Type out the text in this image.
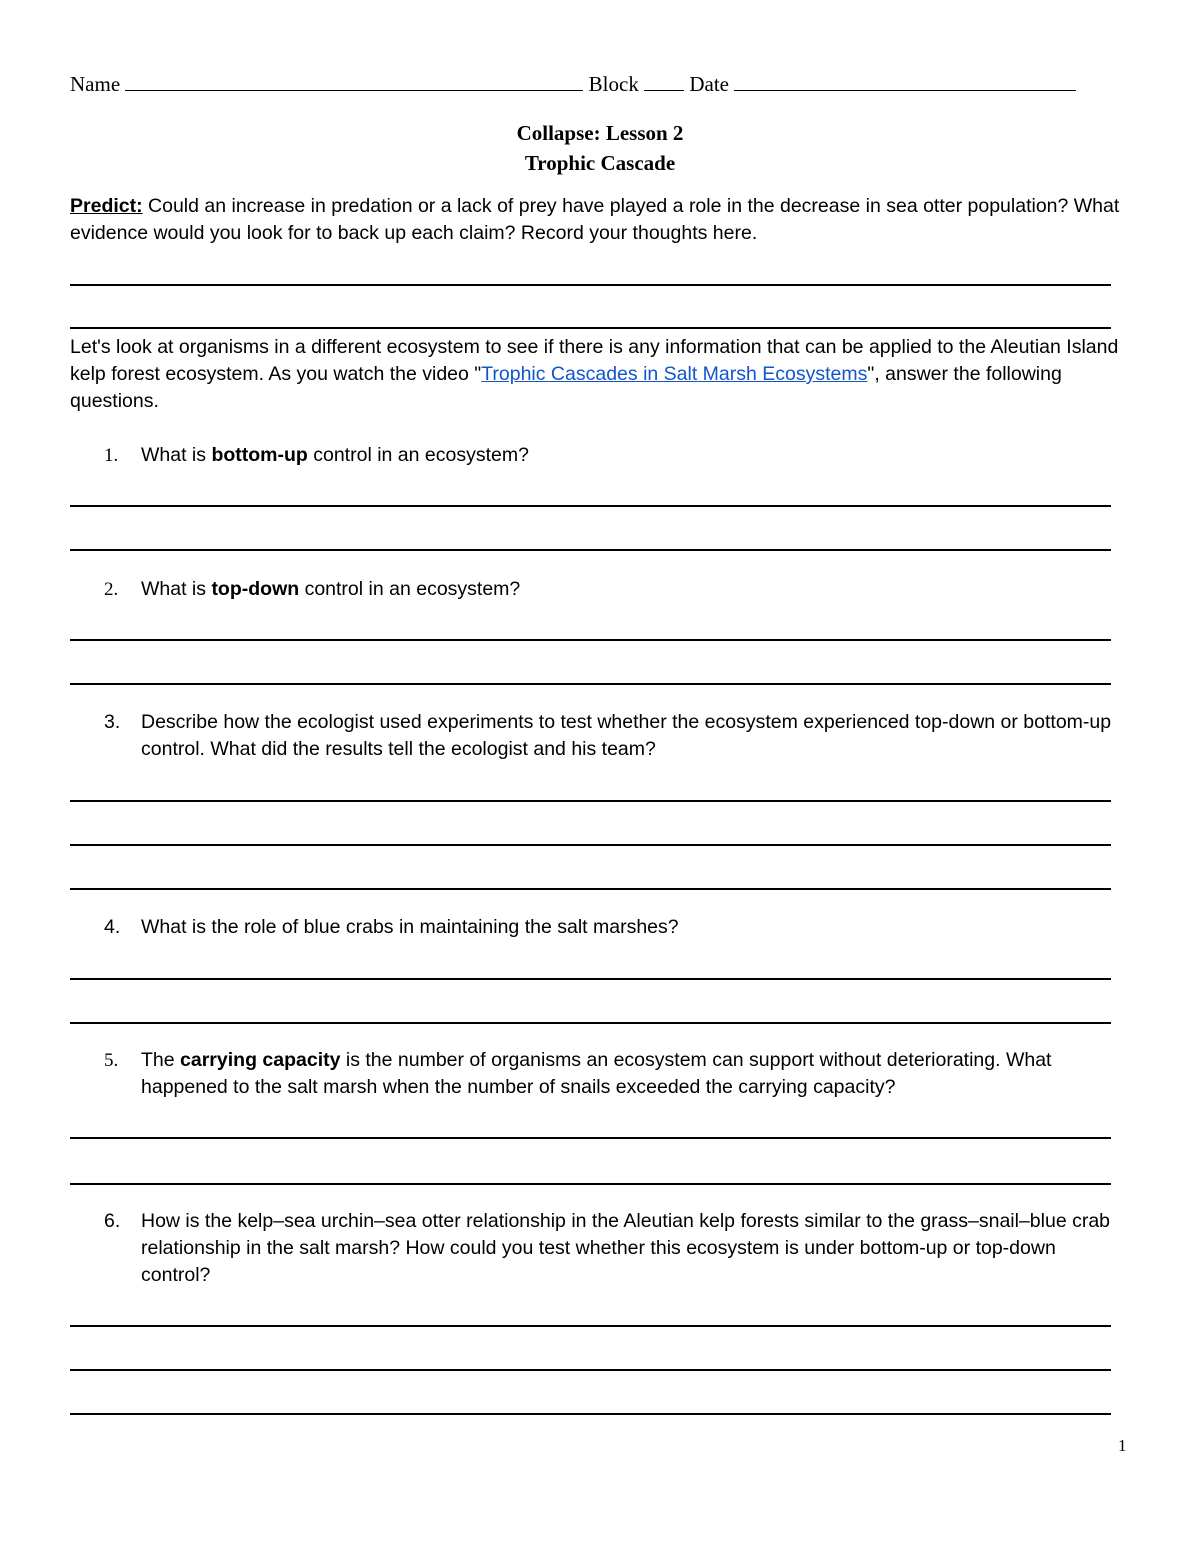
Name	Block Date
Collapse: Lesson 2
Trophic Cascade
Predict: Could an increase in predation or a lack of prey have played a role in the decrease in sea otter population? What evidence would you look for to back up each claim? Record your thoughts here.
Let's look at organisms in a different ecosystem to see if there is any information that can be applied to the Aleutian Island kelp forest ecosystem. As you watch the video "Trophic Cascades in Salt Marsh Ecosystems", answer the following questions.
1. What is bottom-up control in an ecosystem?
2. What is top-down control in an ecosystem?
3. Describe how the ecologist used experiments to test whether the ecosystem experienced top-down or bottom-up control. What did the results tell the ecologist and his team?
4. What is the role of blue crabs in maintaining the salt marshes?
5. The carrying capacity is the number of organisms an ecosystem can support without deteriorating. What happened to the salt marsh when the number of snails exceeded the carrying capacity?
6. How is the kelp–sea urchin–sea otter relationship in the Aleutian kelp forests similar to the grass–snail–blue crab relationship in the salt marsh? How could you test whether this ecosystem is under bottom-up or top-down control?
1
